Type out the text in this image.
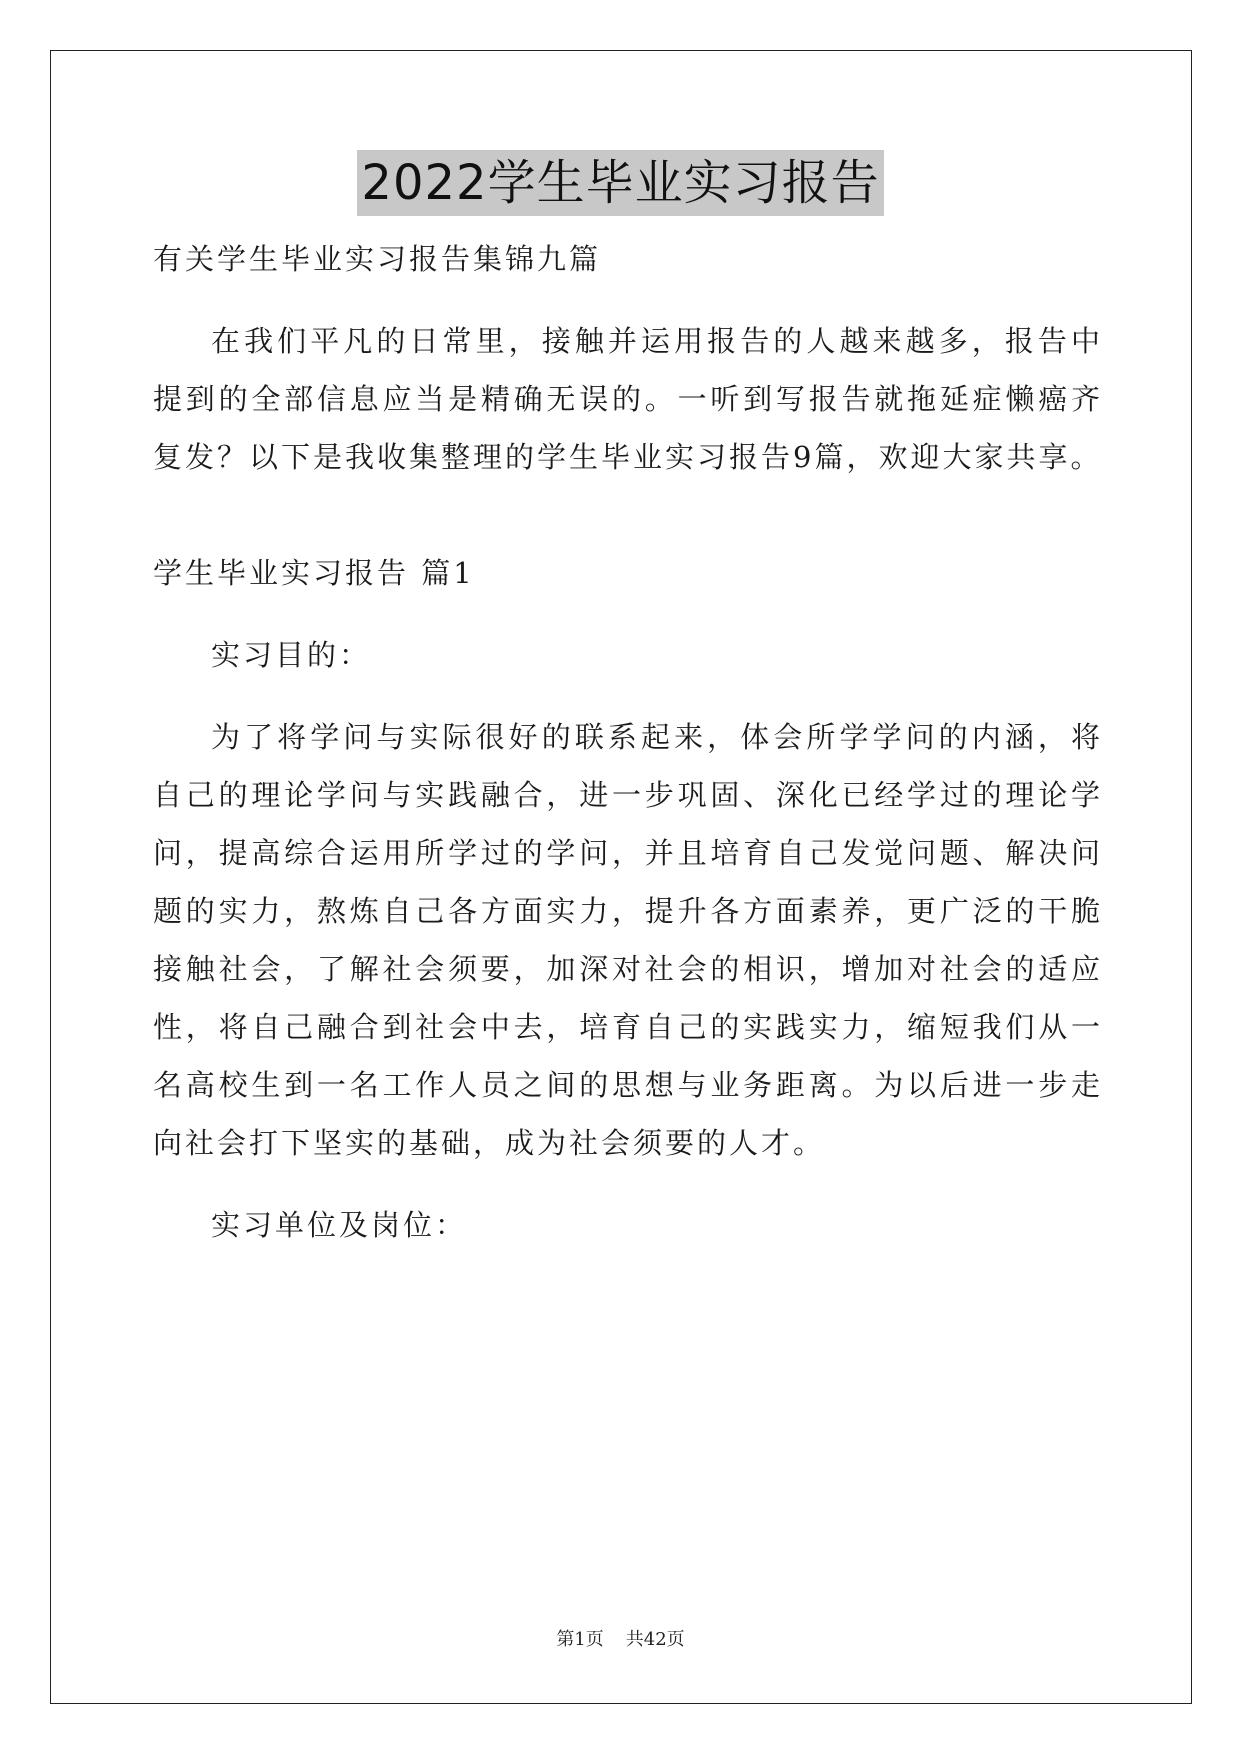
2022学生毕业实习报告

有关学生毕业实习报告集锦九篇

在我们平凡的日常里，接触并运用报告的人越来越多，报告中提到的全部信息应当是精确无误的。一听到写报告就拖延症懒癌齐复发？以下是我收集整理的学生毕业实习报告9篇，欢迎大家共享。

学生毕业实习报告 篇1

实习目的：

为了将学问与实际很好的联系起来，体会所学学问的内涵，将自己的理论学问与实践融合，进一步巩固、深化已经学过的理论学问，提高综合运用所学过的学问，并且培育自己发觉问题、解决问题的实力，熬炼自己各方面实力，提升各方面素养，更广泛的干脆接触社会，了解社会须要，加深对社会的相识，增加对社会的适应性，将自己融合到社会中去，培育自己的实践实力，缩短我们从一名高校生到一名工作人员之间的思想与业务距离。为以后进一步走向社会打下坚实的基础，成为社会须要的人才。

实习单位及岗位：

第1页 共42页
